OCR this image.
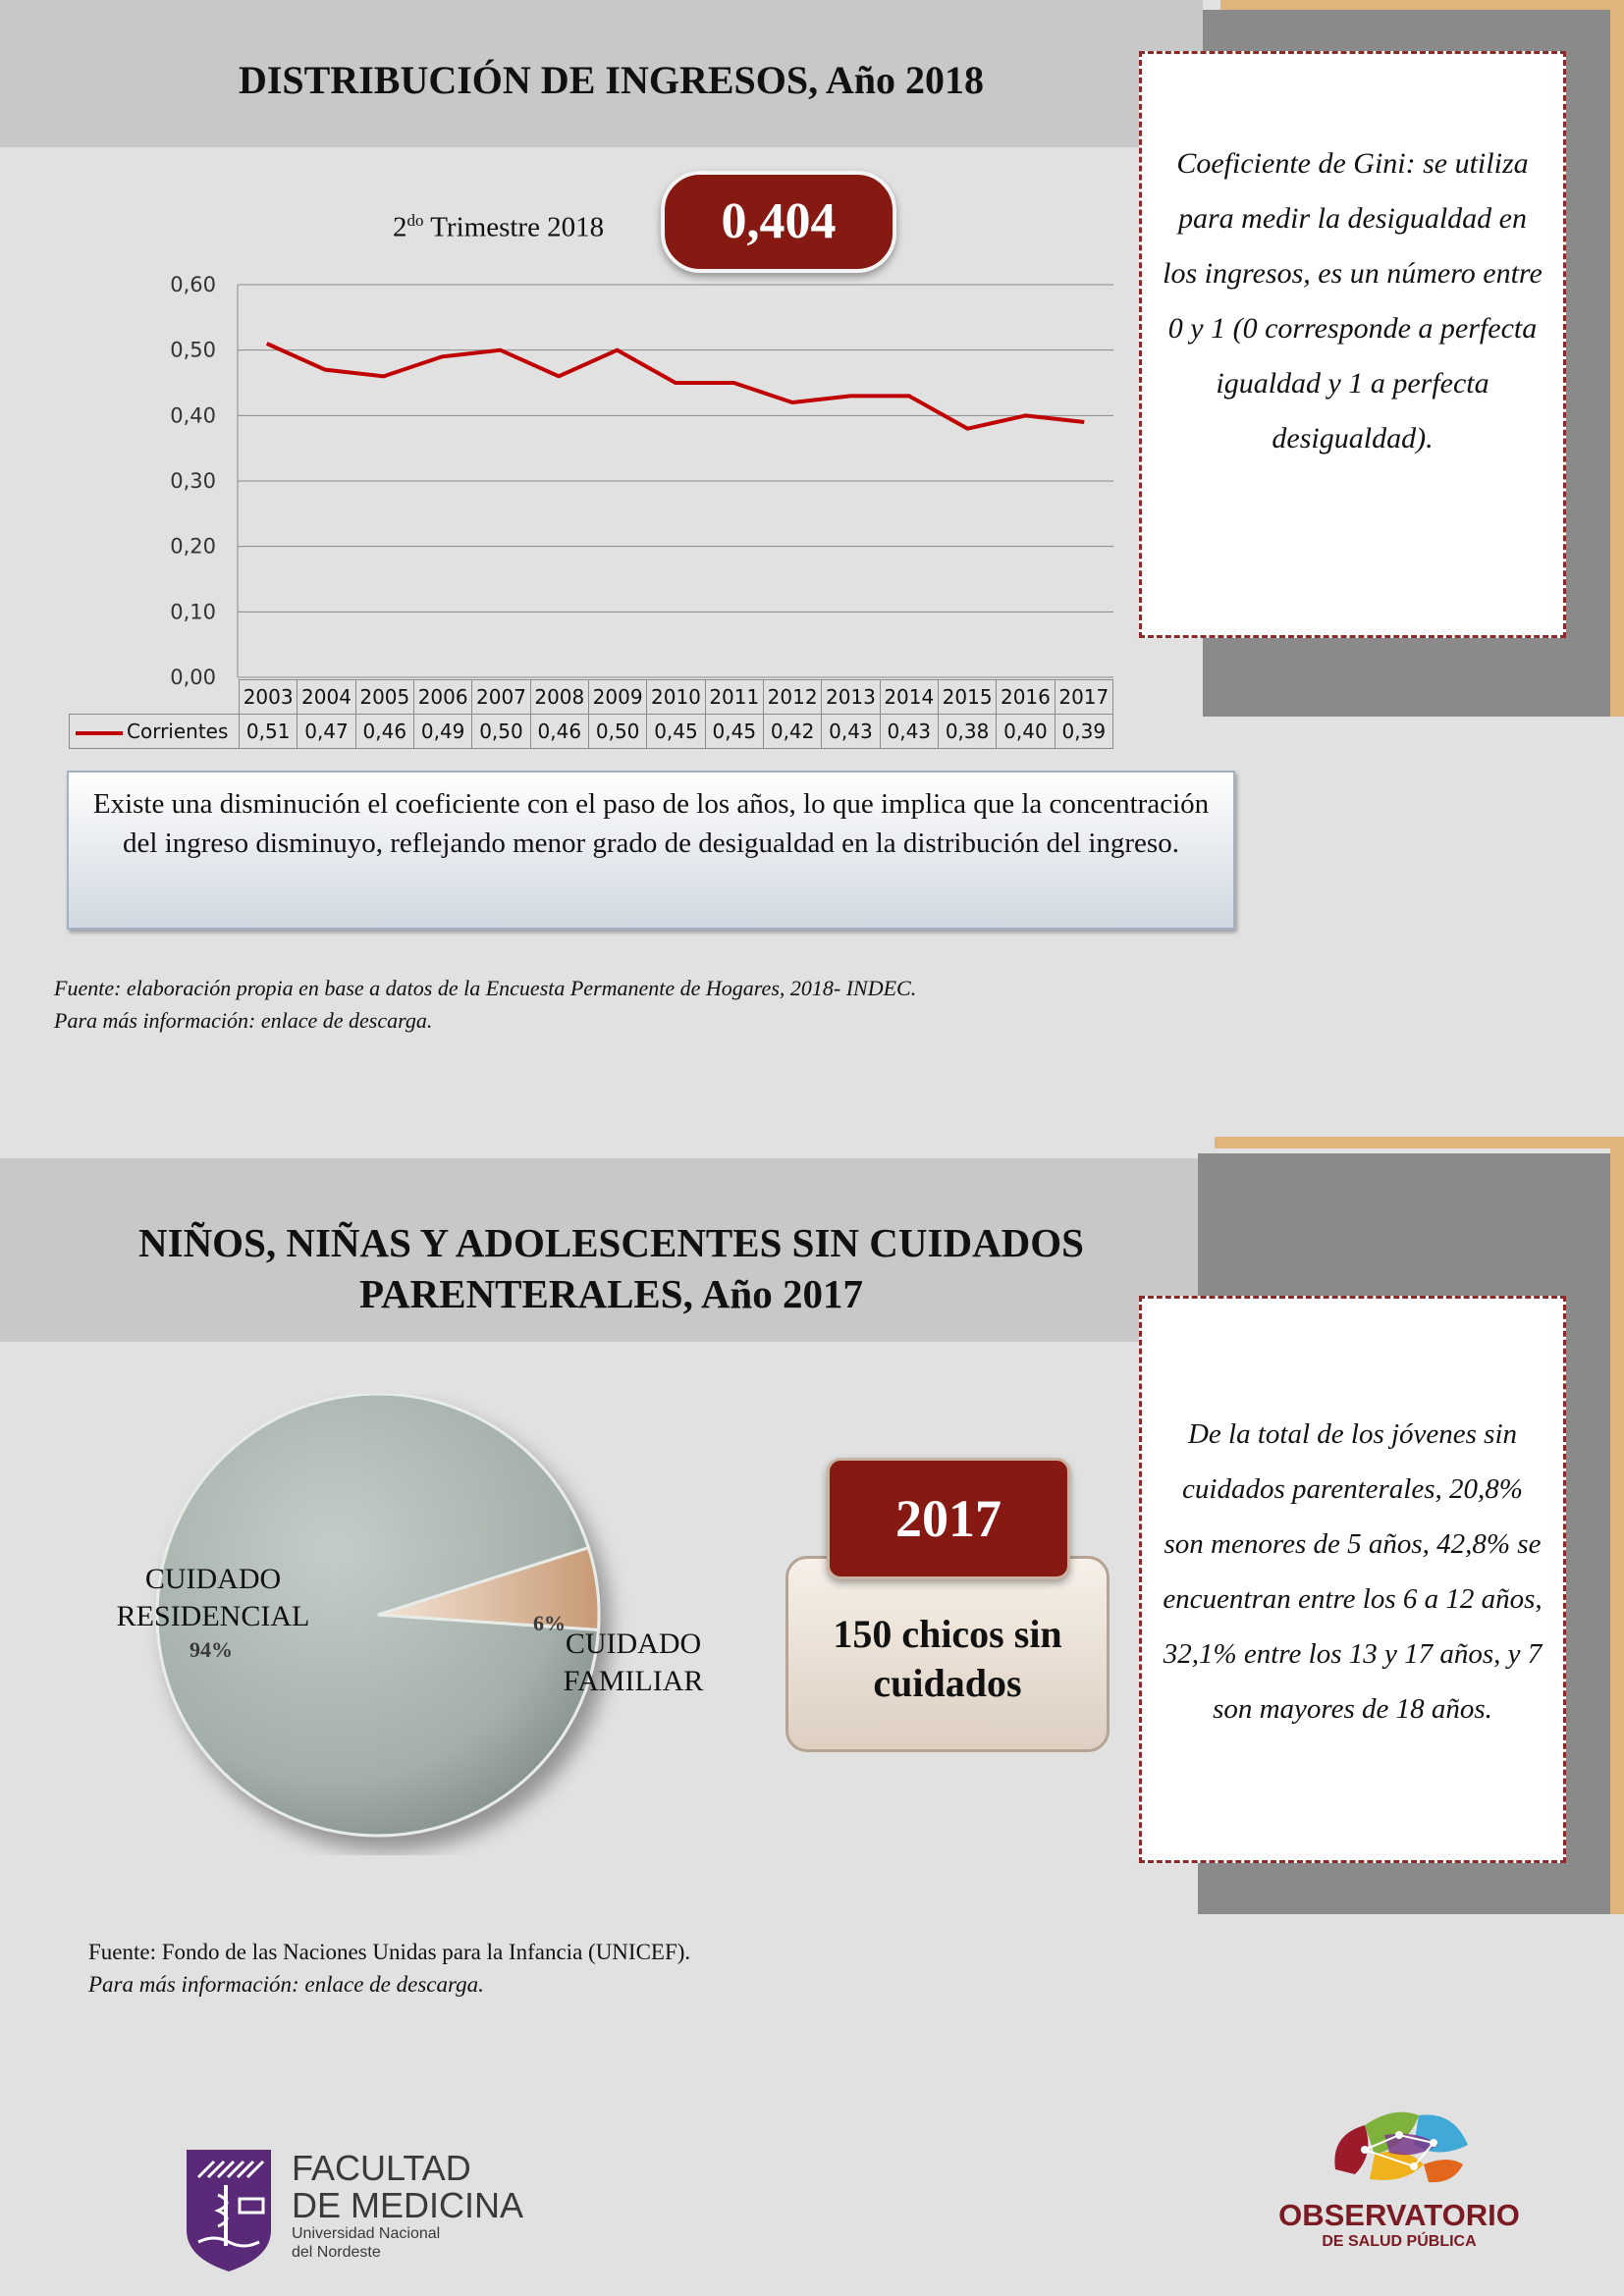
DISTRIBUCIÓN DE INGRESOS, Año 2018
Coeficiente de Gini: se utiliza para medir la desigualdad en los ingresos, es un número entre 0 y 1 (0 corresponde a perfecta igualdad y 1 a perfecta desigualdad).
$2^{do}$ Trimestre 2018	0,404
0,00
0,10
0,20
0,30
0,40
0,50
0,60
	2003	2004	2005	2006	2007	2008	2009	2010	2011	2012	2013	2014	2015	2016	2017
Corrientes	0,51	0,47	0,46	0,49	0,50	0,46	0,50	0,45	0,45	0,42	0,43	0,43	0,38	0,40	0,39
Existe una disminución el coeficiente con el paso de los años, lo que implica que la concentración del ingreso disminuyo, reflejando menor grado de desigualdad en la distribución del ingreso.
Fuente: elaboración propia en base a datos de la Encuesta Permanente de Hogares, 2018- INDEC.
Para más información: enlace de descarga.
NIÑOS, NIÑAS Y ADOLESCENTES SIN CUIDADOS
PARENTERALES, Año 2017
De la total de los jóvenes sin cuidados parenterales, 20,8% son menores de 5 años, 42,8% se encuentran entre los 6 a 12 años, 32,1% entre los 13 y 17 años, y 7 son mayores de 18 años.
CUIDADO RESIDENCIAL
94%
6%
CUIDADO FAMILIAR
150 chicos sin cuidados
2017
Fuente: Fondo de las Naciones Unidas para la Infancia (UNICEF).
Para más información: enlace de descarga.
FACULTAD
DE MEDICINA
Universidad Nacional
del Nordeste
OBSERVATORIO
DE SALUD PÚBLICA
